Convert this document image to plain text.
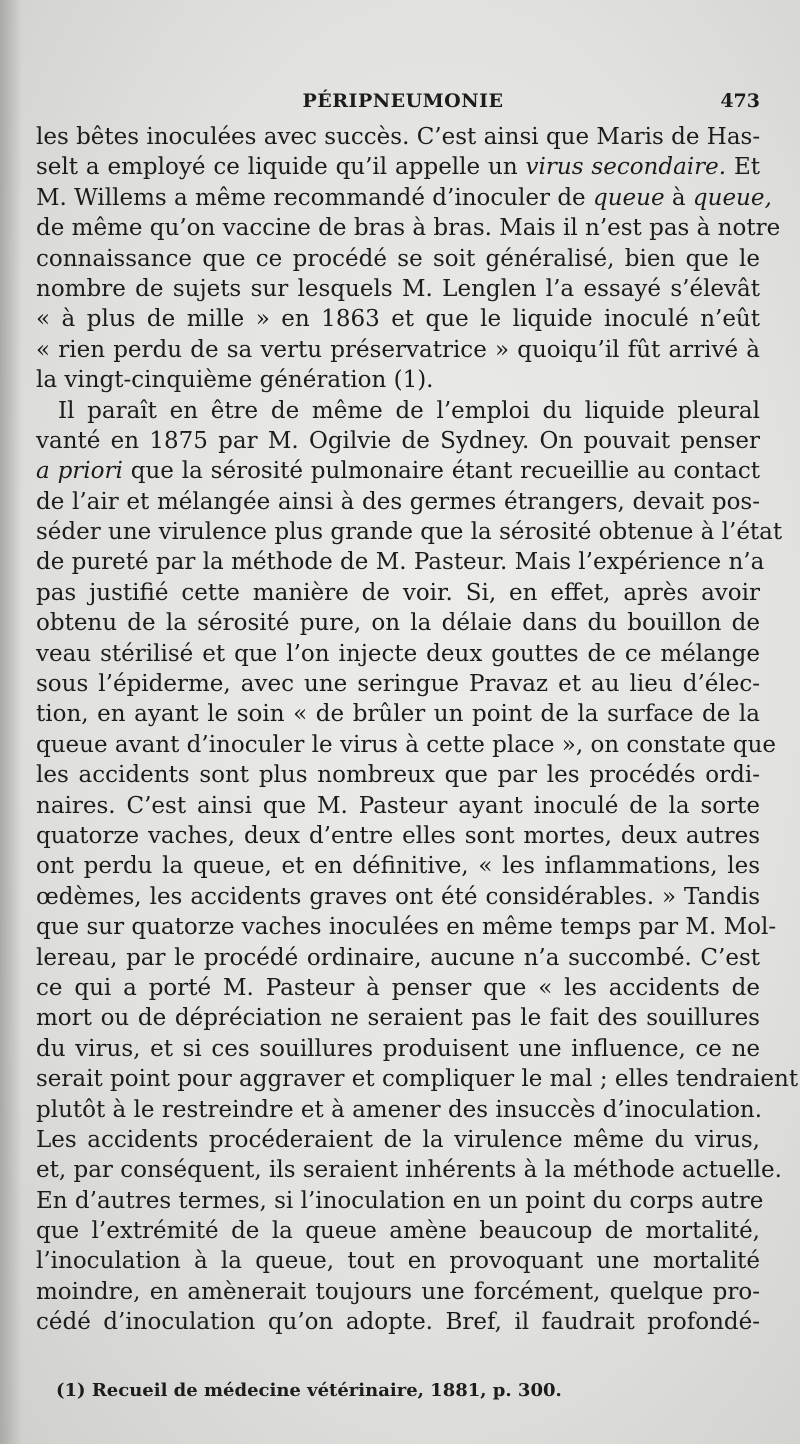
PÉRIPNEUMONIE	473
les bêtes inoculées avec succès. C’est ainsi que Maris de Has-
selt a employé ce liquide qu’il appelle un virus secondaire. Et
M. Willems a même recommandé d’inoculer de queue à queue,
de même qu’on vaccine de bras à bras. Mais il n’est pas à notre
connaissance que ce procédé se soit généralisé, bien que le
nombre de sujets sur lesquels M. Lenglen l’a essayé s’élevât
« à plus de mille » en 1863 et que le liquide inoculé n’eût
« rien perdu de sa vertu préservatrice » quoiqu’il fût arrivé à
la vingt-cinquième génération (1).
Il paraît en être de même de l’emploi du liquide pleural
vanté en 1875 par M. Ogilvie de Sydney. On pouvait penser
a priori que la sérosité pulmonaire étant recueillie au contact
de l’air et mélangée ainsi à des germes étrangers, devait pos-
séder une virulence plus grande que la sérosité obtenue à l’état
de pureté par la méthode de M. Pasteur. Mais l’expérience n’a
pas justifié cette manière de voir. Si, en effet, après avoir
obtenu de la sérosité pure, on la délaie dans du bouillon de
veau stérilisé et que l’on injecte deux gouttes de ce mélange
sous l’épiderme, avec une seringue Pravaz et au lieu d’élec-
tion, en ayant le soin « de brûler un point de la surface de la
queue avant d’inoculer le virus à cette place », on constate que
les accidents sont plus nombreux que par les procédés ordi-
naires. C’est ainsi que M. Pasteur ayant inoculé de la sorte
quatorze vaches, deux d’entre elles sont mortes, deux autres
ont perdu la queue, et en définitive, « les inflammations, les
œdèmes, les accidents graves ont été considérables. » Tandis
que sur quatorze vaches inoculées en même temps par M. Mol-
lereau, par le procédé ordinaire, aucune n’a succombé. C’est
ce qui a porté M. Pasteur à penser que « les accidents de
mort ou de dépréciation ne seraient pas le fait des souillures
du virus, et si ces souillures produisent une influence, ce ne
serait point pour aggraver et compliquer le mal ; elles tendraient
plutôt à le restreindre et à amener des insuccès d’inoculation.
Les accidents procéderaient de la virulence même du virus,
et, par conséquent, ils seraient inhérents à la méthode actuelle.
En d’autres termes, si l’inoculation en un point du corps autre
que l’extrémité de la queue amène beaucoup de mortalité,
l’inoculation à la queue, tout en provoquant une mortalité
moindre, en amènerait toujours une forcément, quelque pro-
cédé d’inoculation qu’on adopte. Bref, il faudrait profondé-
(1) Recueil de médecine vétérinaire, 1881, p. 300.
